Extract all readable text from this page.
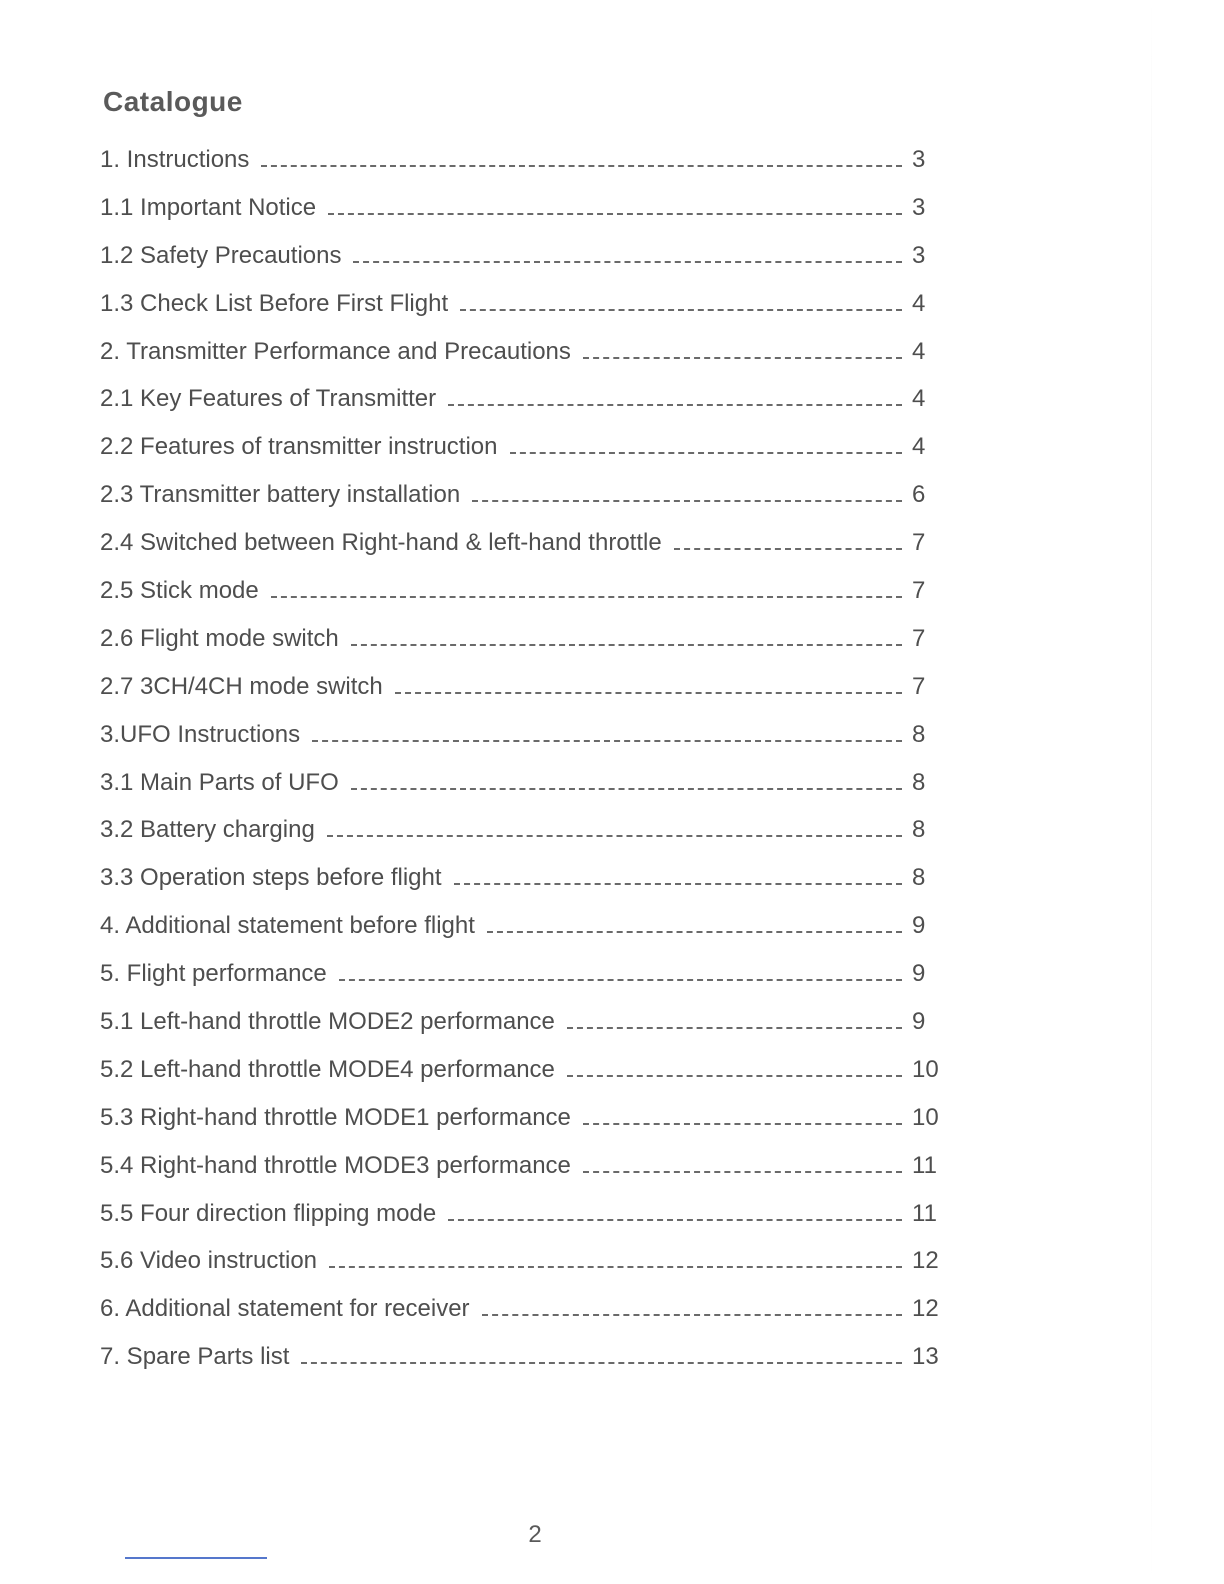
Catalogue
1. Instructions	3
1.1 Important Notice	3
1.2 Safety Precautions	3
1.3 Check List Before First Flight	4
2. Transmitter Performance and Precautions	4
2.1 Key Features of Transmitter	4
2.2 Features of transmitter instruction	4
2.3 Transmitter battery installation	6
2.4 Switched between Right-hand & left-hand throttle	7
2.5 Stick mode	7
2.6 Flight mode switch	7
2.7 3CH/4CH mode switch	7
3.UFO Instructions	8
3.1 Main Parts of UFO	8
3.2 Battery charging	8
3.3 Operation steps before flight	8
4. Additional statement before flight	9
5. Flight performance	9
5.1 Left-hand throttle MODE2 performance	9
5.2 Left-hand throttle MODE4 performance	10
5.3 Right-hand throttle MODE1 performance	10
5.4 Right-hand throttle MODE3 performance	11
5.5 Four direction flipping mode	11
5.6 Video instruction	12
6. Additional statement for receiver	12
7. Spare Parts list	13
2
